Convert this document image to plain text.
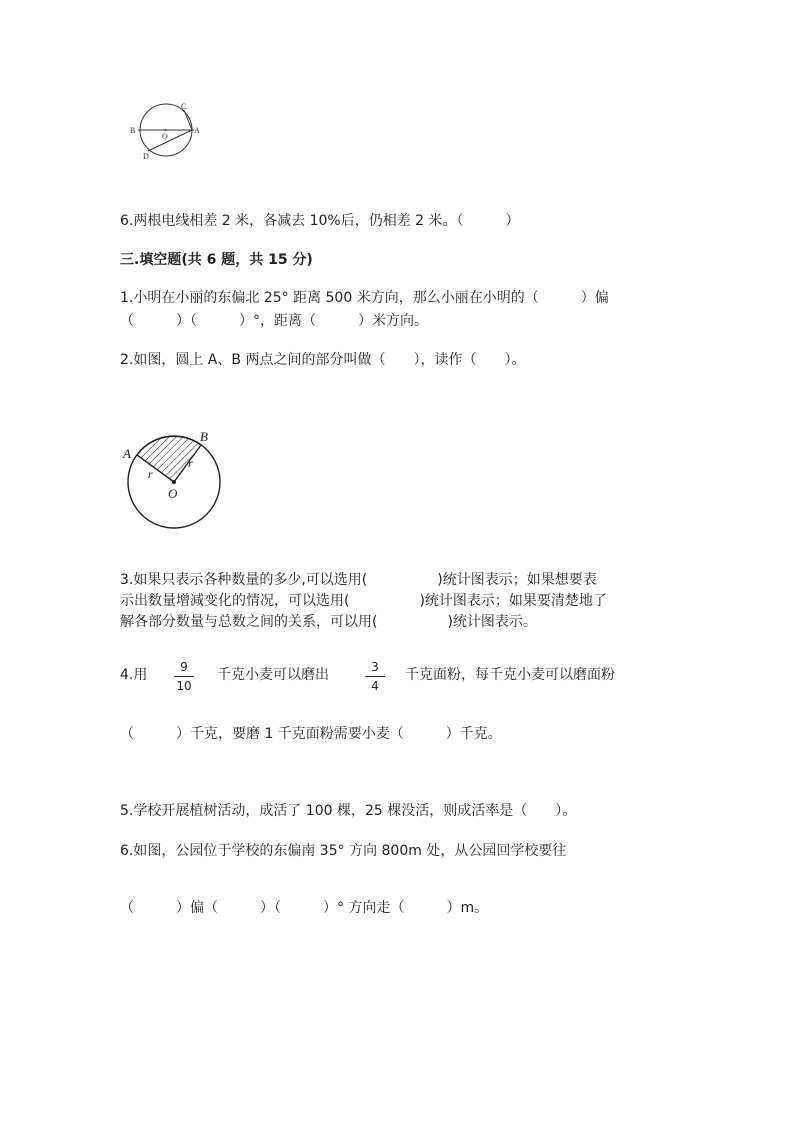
B
C
O
A
D
6.两根电线相差 2 米，各减去 10%后，仍相差 2 米。（　　　）
三.填空题(共 6 题，共 15 分)
1.小明在小丽的东偏北 25° 距离 500 米方向，那么小丽在小明的（　　　）偏
（　　　）（　　　）°，距离（　　　）米方向。
2.如图，圆上 A、B 两点之间的部分叫做（　　），读作（　　）。
A
B
O
r
r
3.如果只表示各种数量的多少,可以选用(　　　　　)统计图表示；如果想要表
示出数量增减变化的情况，可以选用(　　　　　)统计图表示；如果要清楚地了
解各部分数量与总数之间的关系，可以用(　　　　　)统计图表示。
4.用	9
10
千克小麦可以磨出	3
4
千克面粉，每千克小麦可以磨面粉
（　　　）千克，要磨 1 千克面粉需要小麦（　　　）千克。
5.学校开展植树活动，成活了 100 棵，25 棵没活，则成活率是（　　）。
6.如图，公园位于学校的东偏南 35° 方向 800m 处，从公园回学校要往
（　　　）偏（　　　）（　　　）° 方向走（　　　）m。
